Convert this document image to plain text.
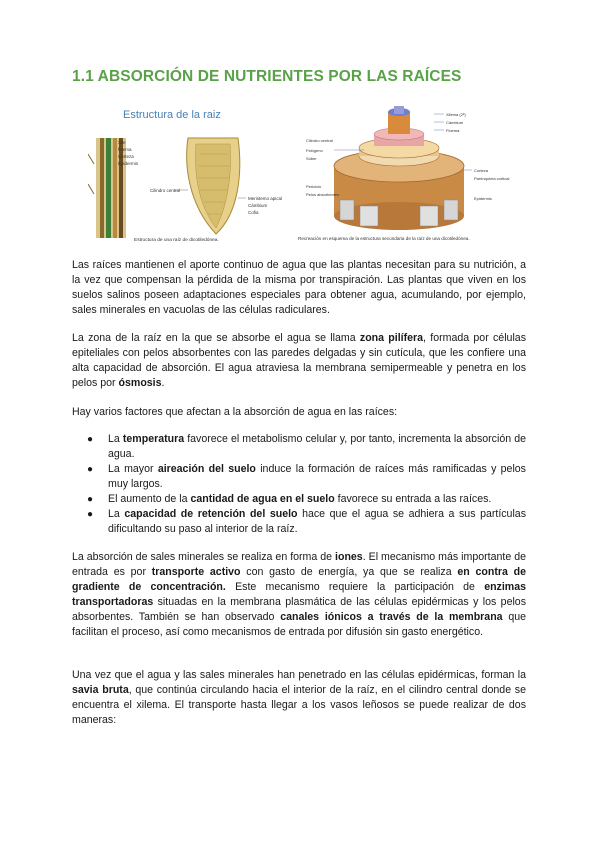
1.1 ABSORCIÓN DE NUTRIENTES POR LAS RAÍCES
Estructura de la raiz
Xile
floema
Corteza
Epidermis
Cilindro central
Meristemo apical
Cofia
Cámbium
Estructura de una raíz de dicotiledónea.
Xilema (2ª)
Cámbium
Floema
Felógeno
Súber
Cilindro central
Corteza
Epidermis
Periciclo
Pelos absorbentes
Parénquima cortical
Recreación en esquema de la estructura secundaria de la raíz de una dicotiledónea.

Las raíces mantienen el aporte continuo de agua que las plantas necesitan para su nutrición, a la vez que compensan la pérdida de la misma por transpiración. Las plantas que viven en los suelos salinos poseen adaptaciones especiales para obtener agua, acumulando, por ejemplo, sales minerales en vacuolas de las células radiculares.

La zona de la raíz en la que se absorbe el agua se llama zona pilífera, formada por células epiteliales con pelos absorbentes con las paredes delgadas y sin cutícula, que les confiere una alta capacidad de absorción. El agua atraviesa la membrana semipermeable y penetra en los pelos por ósmosis.

Hay varios factores que afectan a la absorción de agua en las raíces:

● La temperatura favorece el metabolismo celular y, por tanto, incrementa la absorción de agua.
● La mayor aireación del suelo induce la formación de raíces más ramificadas y pelos muy largos.
● El aumento de la cantidad de agua en el suelo favorece su entrada a las raíces.
● La capacidad de retención del suelo hace que el agua se adhiera a sus partículas dificultando su paso al interior de la raíz.

La absorción de sales minerales se realiza en forma de iones. El mecanismo más importante de entrada es por transporte activo con gasto de energía, ya que se realiza en contra de gradiente de concentración. Este mecanismo requiere la participación de enzimas transportadoras situadas en la membrana plasmática de las células epidérmicas y los pelos absorbentes. También se han observado canales iónicos a través de la membrana que facilitan el proceso, así como mecanismos de entrada por difusión sin gasto energético.

Una vez que el agua y las sales minerales han penetrado en las células epidérmicas, forman la savia bruta, que continúa circulando hacia el interior de la raíz, en el cilindro central donde se encuentra el xilema. El transporte hasta llegar a los vasos leñosos se puede realizar de dos maneras:
